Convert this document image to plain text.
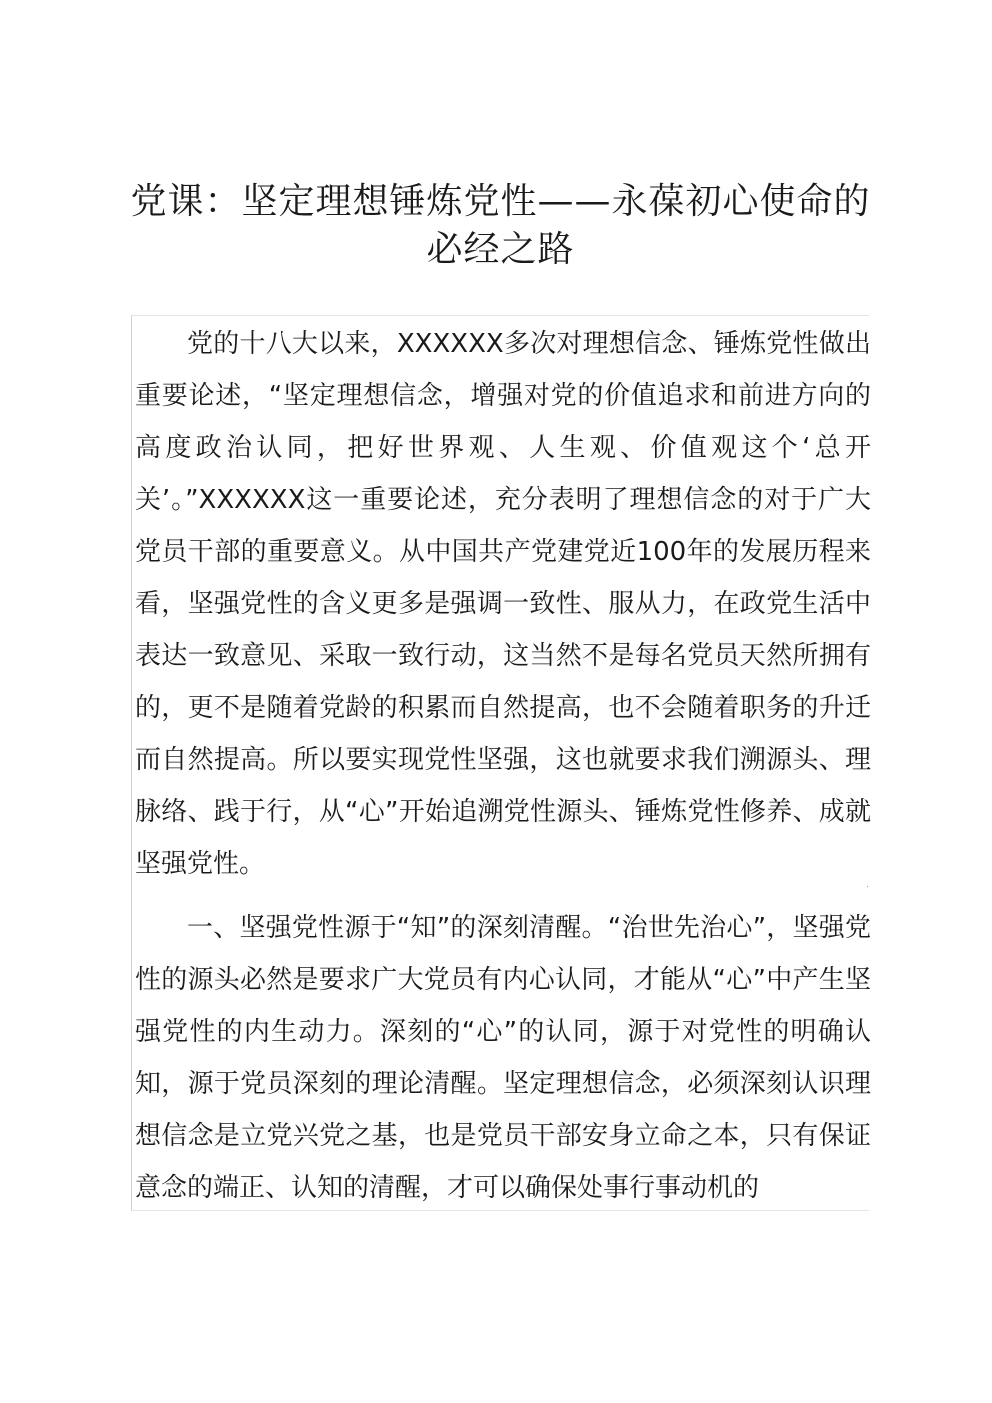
党课：坚定理想锤炼党性——永葆初心使命的必经之路

党的十八大以来，XXXXXX多次对理想信念、锤炼党性做出重要论述，“坚定理想信念，增强对党的价值追求和前进方向的高度政治认同，把好世界观、人生观、价值观这个‘总开关’。”XXXXXX这一重要论述，充分表明了理想信念的对于广大党员干部的重要意义。从中国共产党建党近100年的发展历程来看，坚强党性的含义更多是强调一致性、服从力，在政党生活中表达一致意见、采取一致行动，这当然不是每名党员天然所拥有的，更不是随着党龄的积累而自然提高，也不会随着职务的升迁而自然提高。所以要实现党性坚强，这也就要求我们溯源头、理脉络、践于行，从“心”开始追溯党性源头、锤炼党性修养、成就坚强党性。

一、坚强党性源于“知”的深刻清醒。“治世先治心”，坚强党性的源头必然是要求广大党员有内心认同，才能从“心”中产生坚强党性的内生动力。深刻的“心”的认同，源于对党性的明确认知，源于党员深刻的理论清醒。坚定理想信念，必须深刻认识理想信念是立党兴党之基，也是党员干部安身立命之本，只有保证意念的端正、认知的清醒，才可以确保处事行事动机的
